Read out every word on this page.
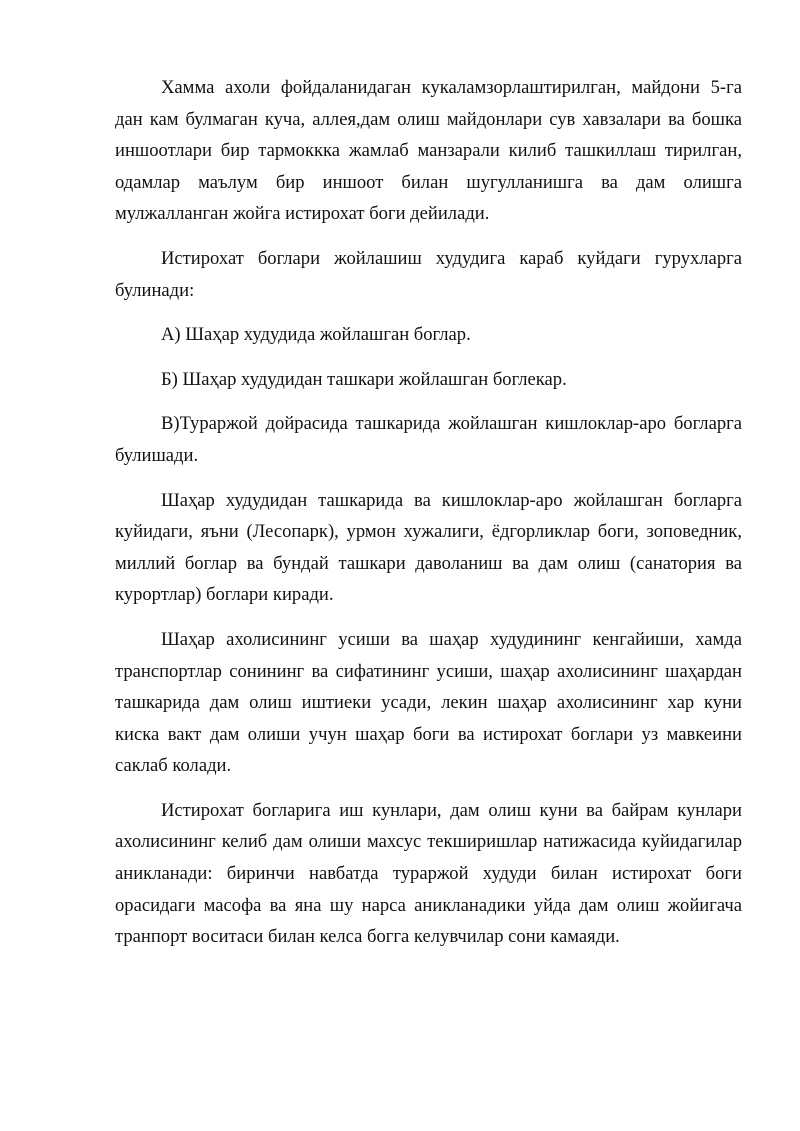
Хамма ахоли фойдаланидаган кукаламзорлаштирилган, майдони 5-га дан кам булмаган куча, аллея,дам олиш майдонлари сув хавзалари ва бошка иншоотлари бир тармоккка жамлаб манзарали килиб ташкиллаш тирилган, одамлар маълум бир иншоот билан шугулланишга ва дам олишга мулжалланган жойга истирохат боги дейилади.

Истирохат боглари жойлашиш худудига караб куйдаги гурухларга булинади:

А) Шаҳар худудида жойлашган боглар.

Б) Шаҳар худудидан ташкари жойлашган боглекар.

В)Тураржой дойрасида ташкарида жойлашган кишлоклар-аро богларга булишади.

Шаҳар худудидан ташкарида ва кишлоклар-аро жойлашган богларга куйидаги, яъни (Лесопарк), урмон хужалиги, ёдгорликлар боги, зоповедник, миллий боглар ва бундай ташкари даволаниш ва дам олиш (санатория ва курортлар) боглари киради.

Шаҳар ахолисининг усиши ва шаҳар худудининг кенгайиши, хамда транспортлар сонининг ва сифатининг усиши, шаҳар ахолисининг шаҳардан ташкарида дам олиш иштиеки усади, лекин шаҳар ахолисининг хар куни киска вакт дам олиши учун шаҳар боги ва истирохат боглари уз мавкеини саклаб колади.

Истирохат богларига иш кунлари, дам олиш куни ва байрам кунлари ахолисининг келиб дам олиши махсус текширишлар натижасида куйидагилар аникланади: биринчи навбатда тураржой худуди билан истирохат боги орасидаги масофа ва яна шу нарса аникланадики уйда дам олиш жойигача транпорт воситаси билан келса богга келувчилар сони камаяди.
